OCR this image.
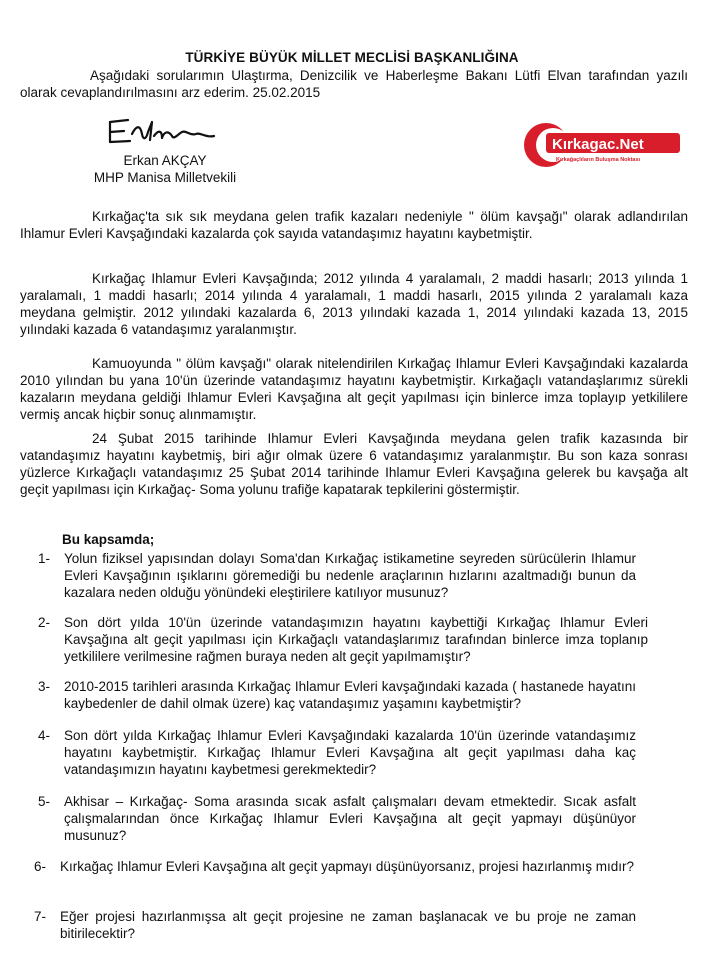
TÜRKİYE BÜYÜK MİLLET MECLİSİ BAŞKANLIĞINA
Aşağıdaki sorularımın Ulaştırma, Denizcilik ve Haberleşme Bakanı Lütfi Elvan tarafından yazılı olarak cevaplandırılmasını arz ederim. 25.02.2015
Erkan AKÇAY
MHP Manisa Milletvekili
Kırkagac.Net
Kırkağaçlıların Buluşma Noktası
Kırkağaç'ta sık sık meydana gelen trafik kazaları nedeniyle " ölüm kavşağı" olarak adlandırılan Ihlamur Evleri Kavşağındaki kazalarda çok sayıda vatandaşımız hayatını kaybetmiştir.
Kırkağaç Ihlamur Evleri Kavşağında; 2012 yılında 4 yaralamalı, 2 maddi hasarlı; 2013 yılında 1 yaralamalı, 1 maddi hasarlı; 2014 yılında 4 yaralamalı, 1 maddi hasarlı, 2015 yılında 2 yaralamalı kaza meydana gelmiştir. 2012 yılındaki kazalarda 6, 2013 yılındaki kazada 1, 2014 yılındaki kazada 13, 2015 yılındaki kazada 6 vatandaşımız yaralanmıştır.
Kamuoyunda " ölüm kavşağı" olarak nitelendirilen Kırkağaç Ihlamur Evleri Kavşağındaki kazalarda 2010 yılından bu yana 10'ün üzerinde vatandaşımız hayatını kaybetmiştir. Kırkağaçlı vatandaşlarımız sürekli kazaların meydana geldiği Ihlamur Evleri Kavşağına alt geçit yapılması için binlerce imza toplayıp yetkililere vermiş ancak hiçbir sonuç alınmamıştır.
24 Şubat 2015 tarihinde Ihlamur Evleri Kavşağında meydana gelen trafik kazasında bir vatandaşımız hayatını kaybetmiş, biri ağır olmak üzere 6 vatandaşımız yaralanmıştır. Bu son kaza sonrası yüzlerce Kırkağaçlı vatandaşımız 25 Şubat 2014 tarihinde Ihlamur Evleri Kavşağına gelerek bu kavşağa alt geçit yapılması için Kırkağaç- Soma yolunu trafiğe kapatarak tepkilerini göstermiştir.
Bu kapsamda;
1- Yolun fiziksel yapısından dolayı Soma'dan Kırkağaç istikametine seyreden sürücülerin Ihlamur Evleri Kavşağının ışıklarını göremediği bu nedenle araçlarının hızlarını azaltmadığı bunun da kazalara neden olduğu yönündeki eleştirilere katılıyor musunuz?
2- Son dört yılda 10'ün üzerinde vatandaşımızın hayatını kaybettiği Kırkağaç Ihlamur Evleri Kavşağına alt geçit yapılması için Kırkağaçlı vatandaşlarımız tarafından binlerce imza toplanıp yetkililere verilmesine rağmen buraya neden alt geçit yapılmamıştır?
3- 2010-2015 tarihleri arasında Kırkağaç Ihlamur Evleri kavşağındaki kazada ( hastanede hayatını kaybedenler de dahil olmak üzere) kaç vatandaşımız yaşamını kaybetmiştir?
4- Son dört yılda Kırkağaç Ihlamur Evleri Kavşağındaki kazalarda 10'ün üzerinde vatandaşımız hayatını kaybetmiştir. Kırkağaç Ihlamur Evleri Kavşağına alt geçit yapılması daha kaç vatandaşımızın hayatını kaybetmesi gerekmektedir?
5- Akhisar – Kırkağaç- Soma arasında sıcak asfalt çalışmaları devam etmektedir. Sıcak asfalt çalışmalarından önce Kırkağaç Ihlamur Evleri Kavşağına alt geçit yapmayı düşünüyor musunuz?
6- Kırkağaç Ihlamur Evleri Kavşağına alt geçit yapmayı düşünüyorsanız, projesi hazırlanmış mıdır?
7- Eğer projesi hazırlanmışsa alt geçit projesine ne zaman başlanacak ve bu proje ne zaman bitirilecektir?
